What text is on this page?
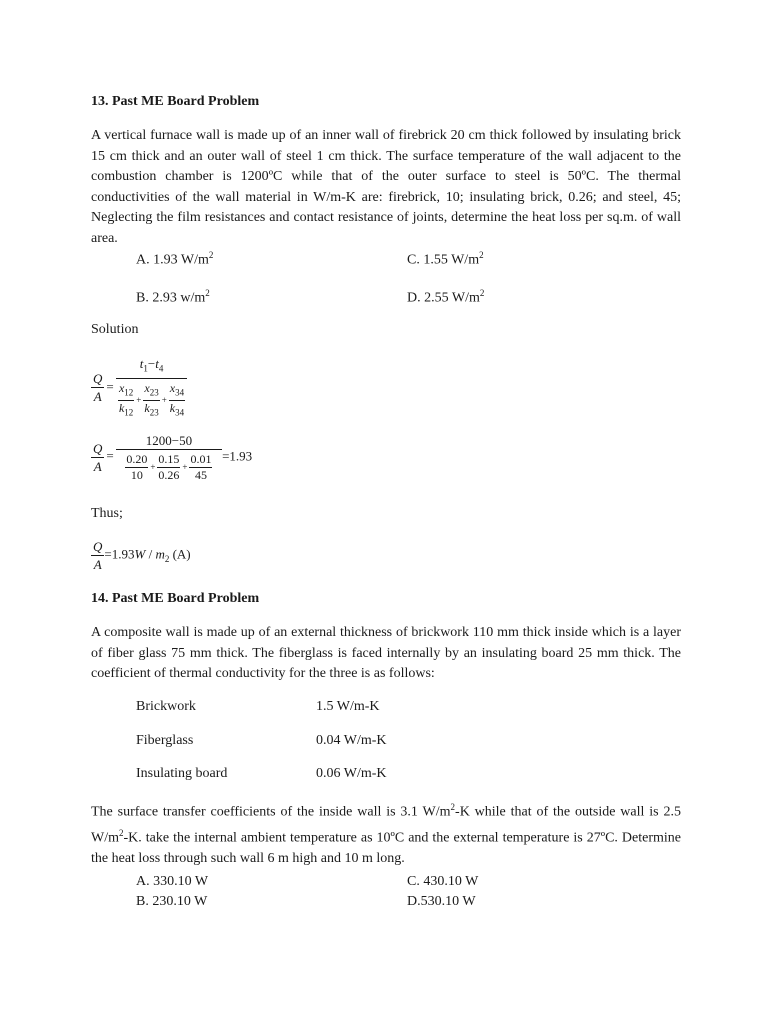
13. Past ME Board Problem
A vertical furnace wall is made up of an inner wall of firebrick 20 cm thick followed by insulating brick 15 cm thick and an outer wall of steel 1 cm thick. The surface temperature of the wall adjacent to the combustion chamber is 1200ºC while that of the outer surface to steel is 50ºC. The thermal conductivities of the wall material in W/m-K are: firebrick, 10; insulating brick, 0.26; and steel, 45; Neglecting the film resistances and contact resistance of joints, determine the heat loss per sq.m. of wall area.
A. 1.93 $W/m^2$	C. 1.55 $W/m^2$
B. 2.93 $w/m^2$	D. 2.55 $W/m^2$
Solution
$\frac{Q}{A} = \frac{t_1-t_4}{\frac{x_{12}}{k_{12}} + \frac{x_{23}}{k_{23}} + \frac{x_{34}}{k_{34}}}$
$\frac{Q}{A} = \frac{1200-50}{\frac{0.20}{10} + \frac{0.15}{0.26} + \frac{0.01}{45}} =1.93$
Thus;
$\frac{Q}{A} =1.93W / m_2$ (A)
14. Past ME Board Problem
A composite wall is made up of an external thickness of brickwork 110 mm thick inside which is a layer of fiber glass 75 mm thick. The fiberglass is faced internally by an insulating board 25 mm thick. The coefficient of thermal conductivity for the three is as follows:
Brickwork	1.5 W/m-K
Fiberglass	0.04 W/m-K
Insulating board	0.06 W/m-K
The surface transfer coefficients of the inside wall is 3.1 $W/m^2-K$ while that of the outside wall is 2.5 $W/m^2-K$. take the internal ambient temperature as 10ºC and the external temperature is 27ºC. Determine the heat loss through such wall 6 m high and 10 m long.
A. 330.10 W	C. 430.10 W
B. 230.10 W	D.530.10 W
